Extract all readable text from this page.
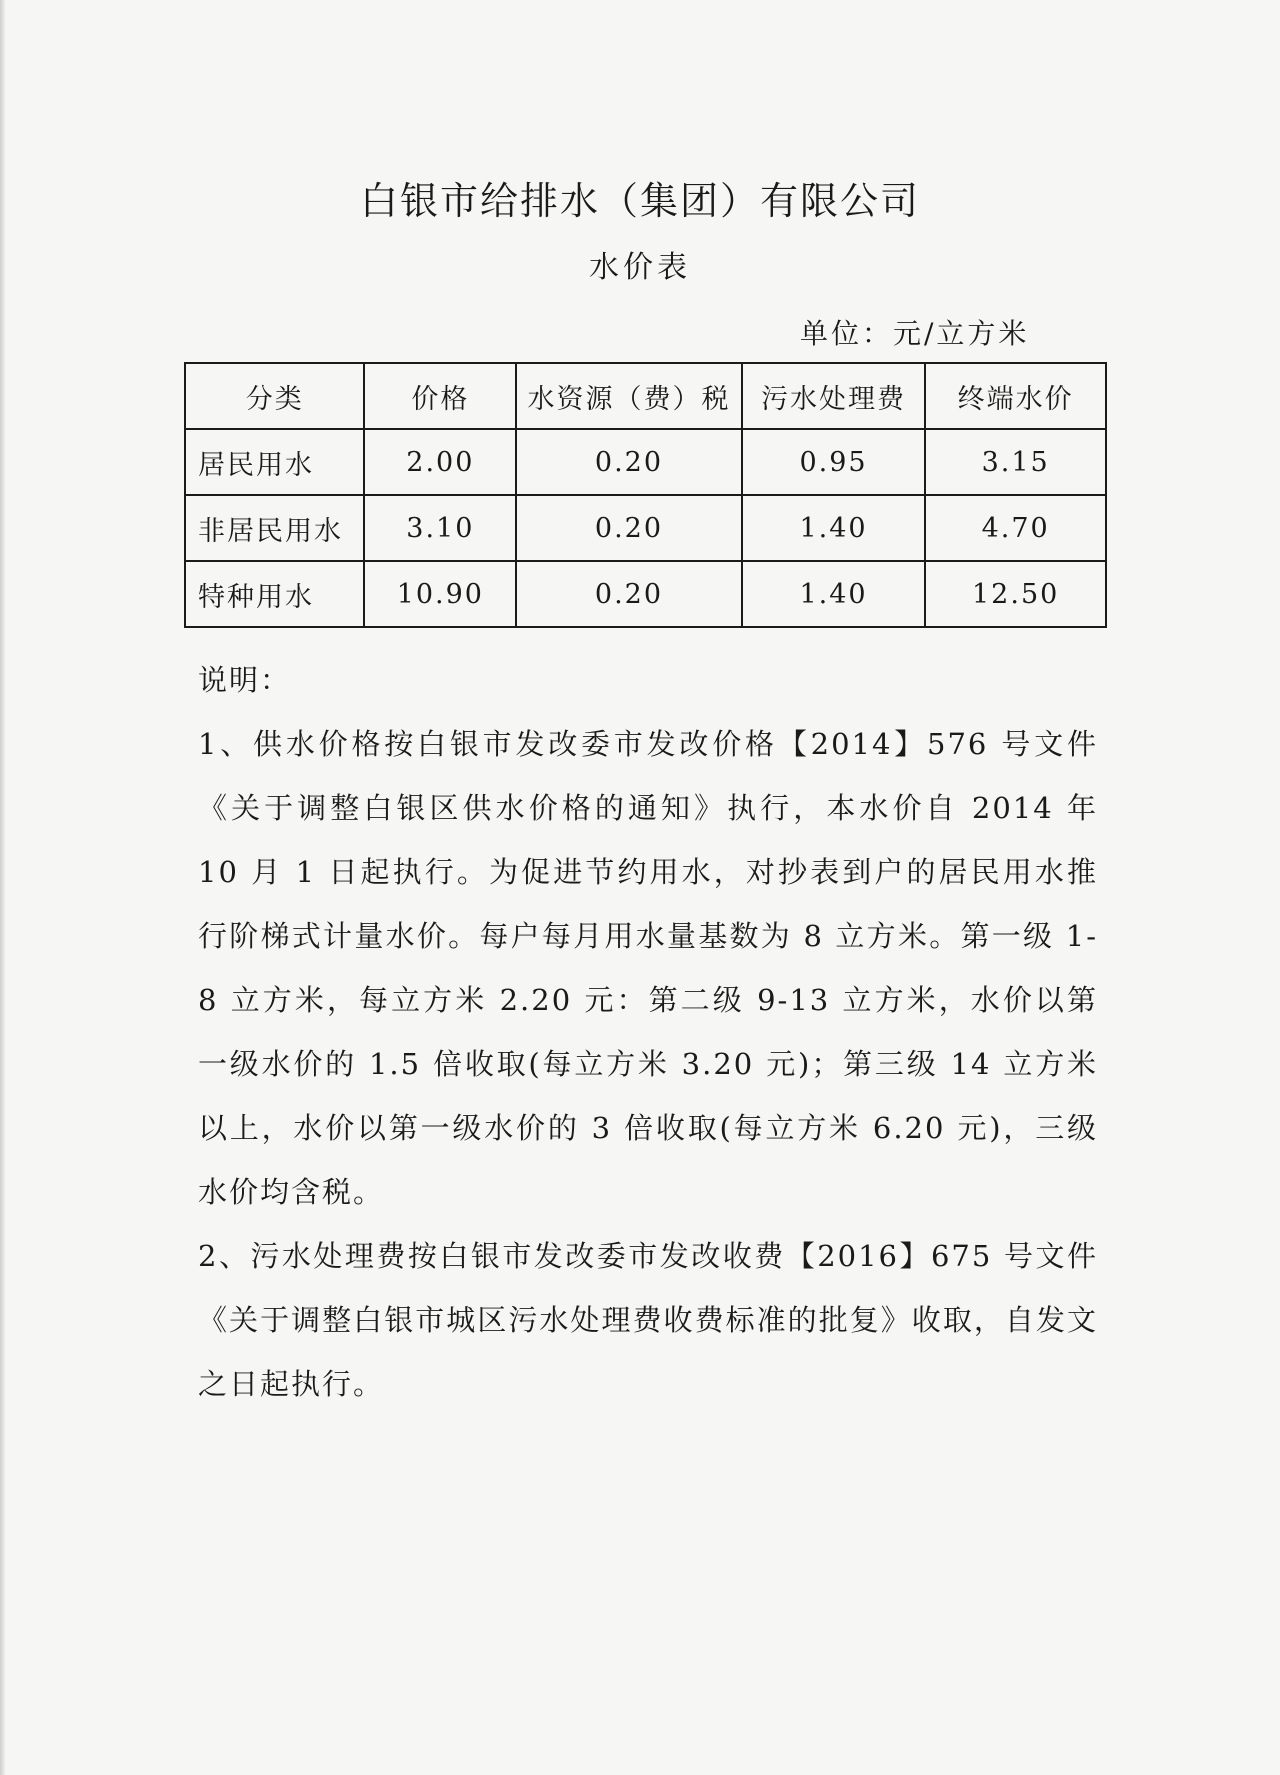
白银市给排水（集团）有限公司
水价表
单位：元/立方米
分类	价格	水资源（费）税	污水处理费	终端水价
居民用水	2.00	0.20	0.95	3.15
非居民用水	3.10	0.20	1.40	4.70
特种用水	10.90	0.20	1.40	12.50

说明：

1、供水价格按白银市发改委市发改价格【2014】576 号文件《关于调整白银区供水价格的通知》执行，本水价自 2014 年 10 月 1 日起执行。为促进节约用水，对抄表到户的居民用水推行阶梯式计量水价。每户每月用水量基数为 8 立方米。第一级 1-8 立方米，每立方米 2.20 元：第二级 9-13 立方米，水价以第一级水价的 1.5 倍收取(每立方米 3.20 元)；第三级 14 立方米以上，水价以第一级水价的 3 倍收取(每立方米 6.20 元)，三级水价均含税。

2、污水处理费按白银市发改委市发改收费【2016】675 号文件《关于调整白银市城区污水处理费收费标准的批复》收取，自发文之日起执行。
